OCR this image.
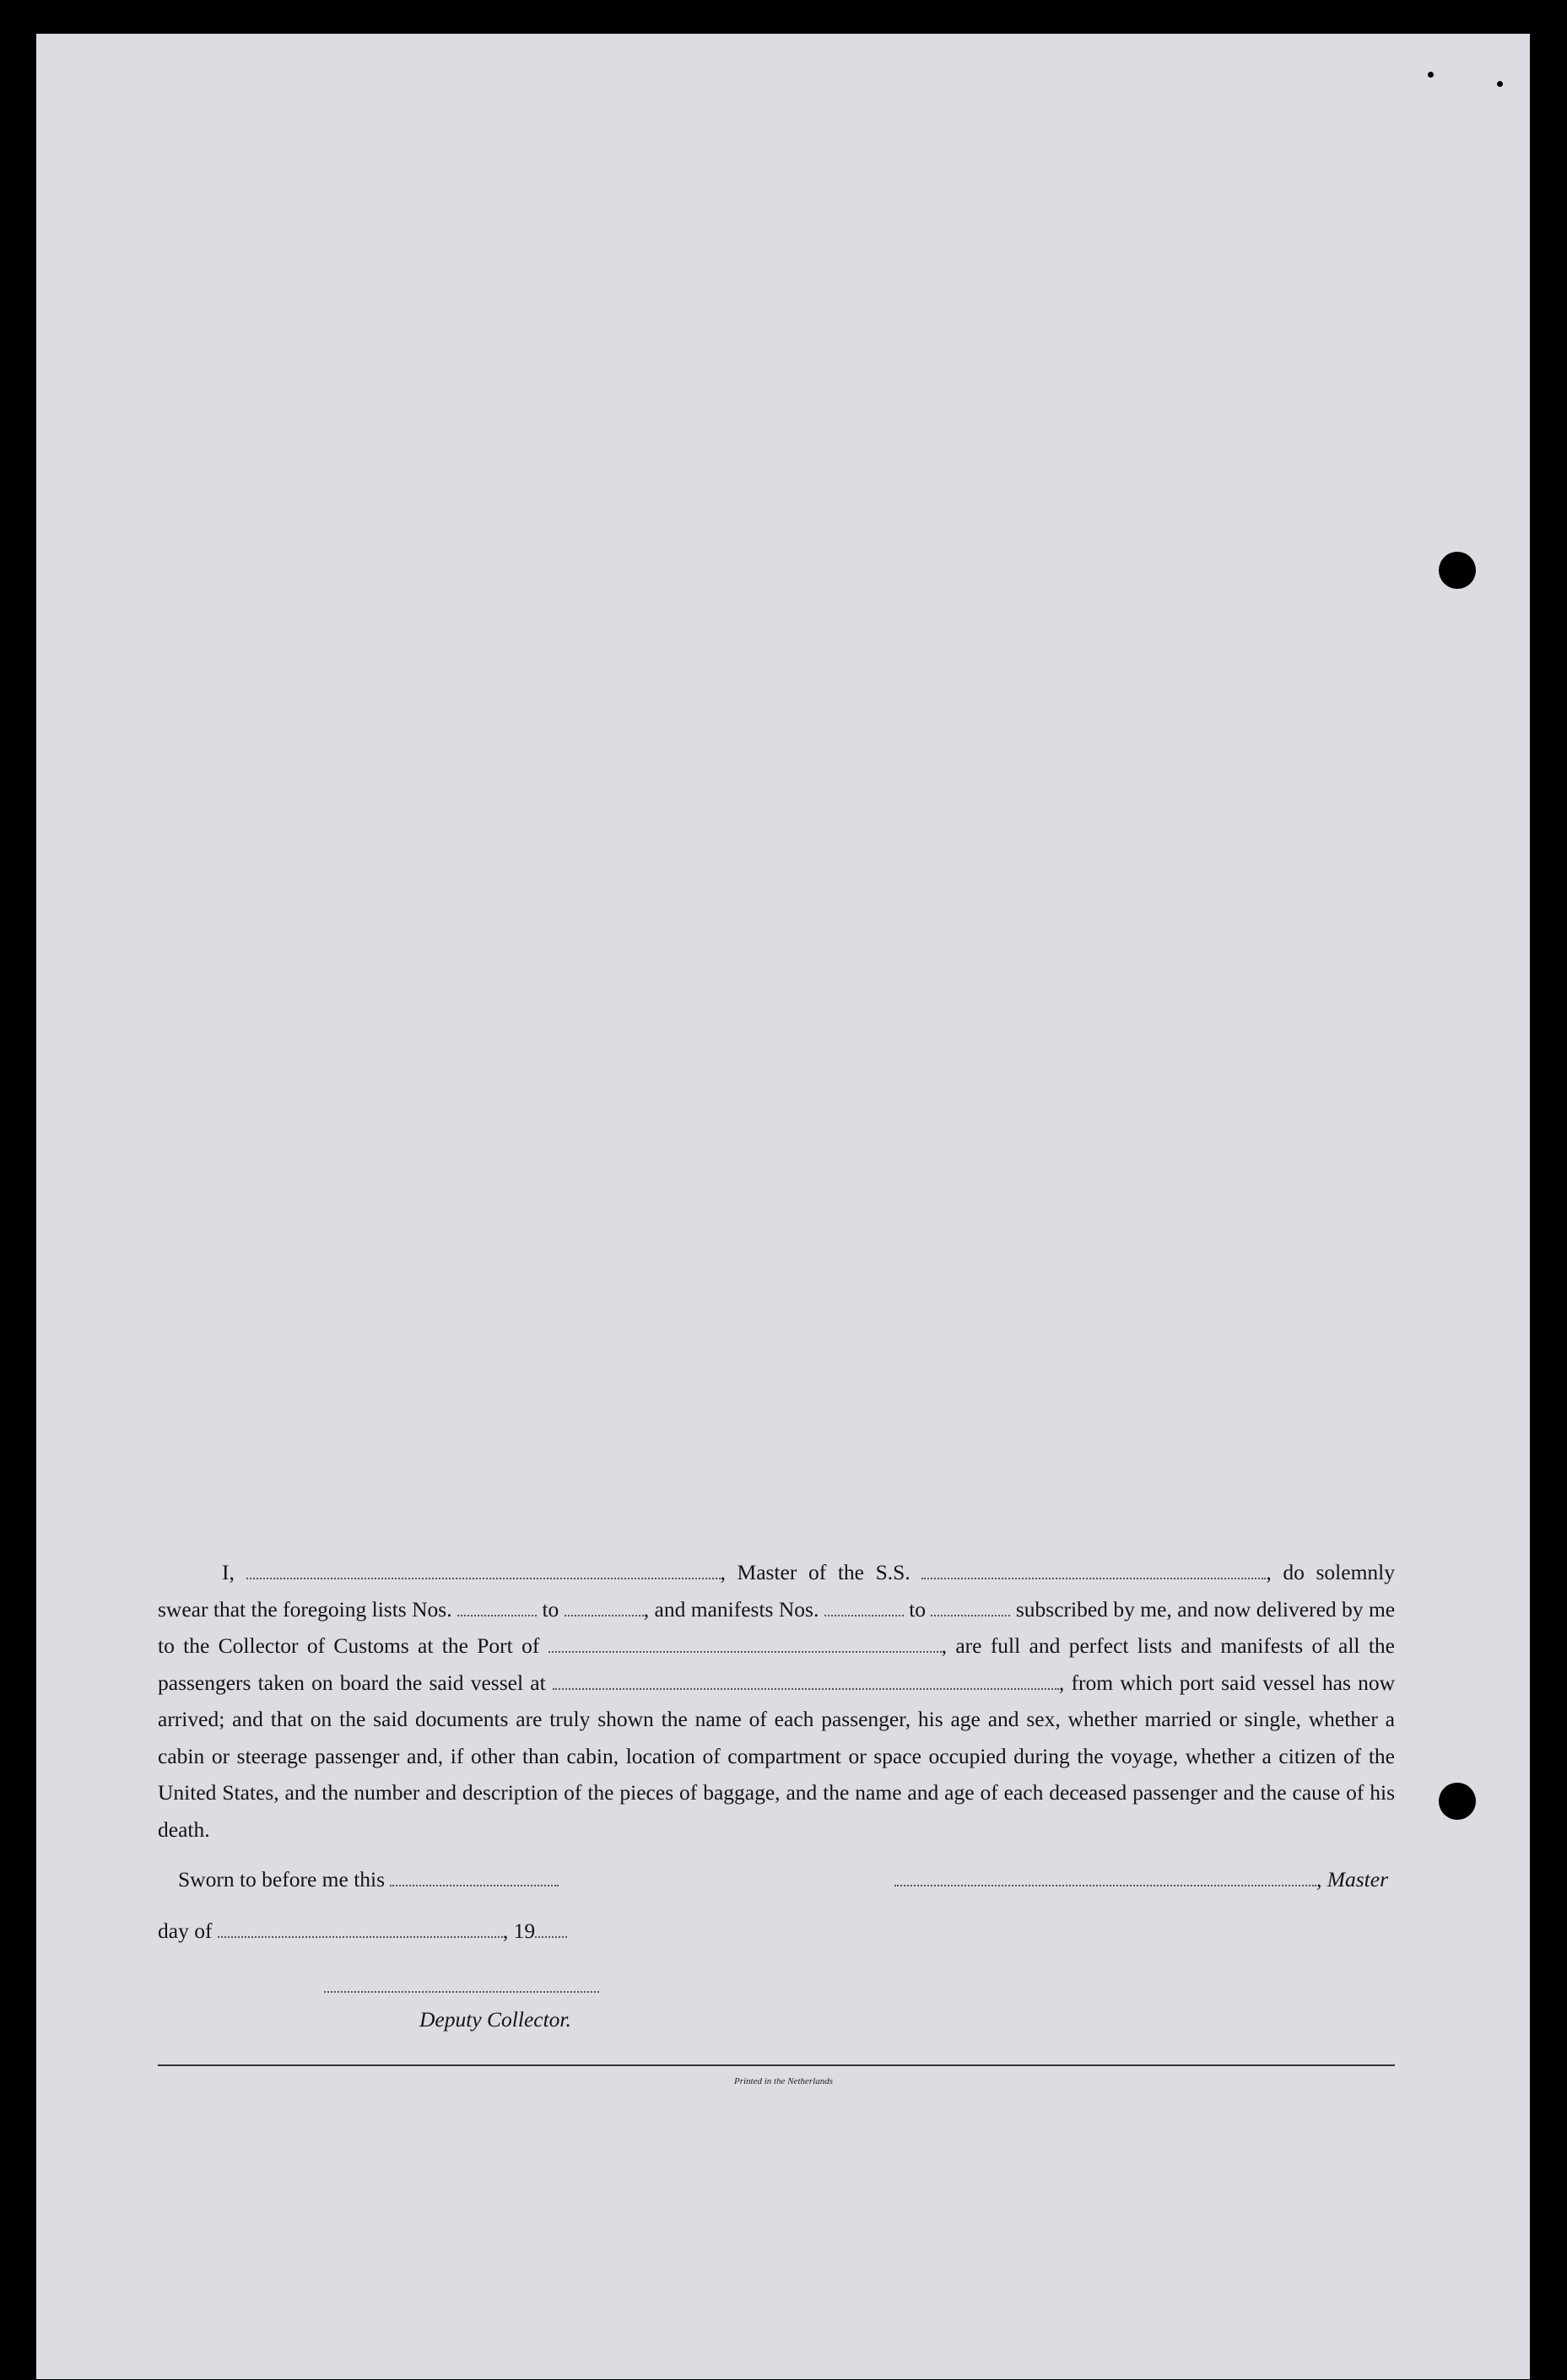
I,	, Master of the S.S.	, do solemnly swear that the foregoing lists Nos.	to	, and manifests Nos.	to	subscribed by me, and now delivered by me to the Collector of Customs at the Port of	, are full and perfect lists and manifests of all the passengers taken on board the said vessel at	, from which port said vessel has now arrived; and that on the said documents are truly shown the name of each passenger, his age and sex, whether married or single, whether a cabin or steerage passenger and, if other than cabin, location of compartment or space occupied during the voyage, whether a citizen of the United States, and the number and description of the pieces of baggage, and the name and age of each deceased passenger and the cause of his death.
Sworn to before me this	, Master
day of	, 19
Deputy Collector.
Printed in the Netherlands
